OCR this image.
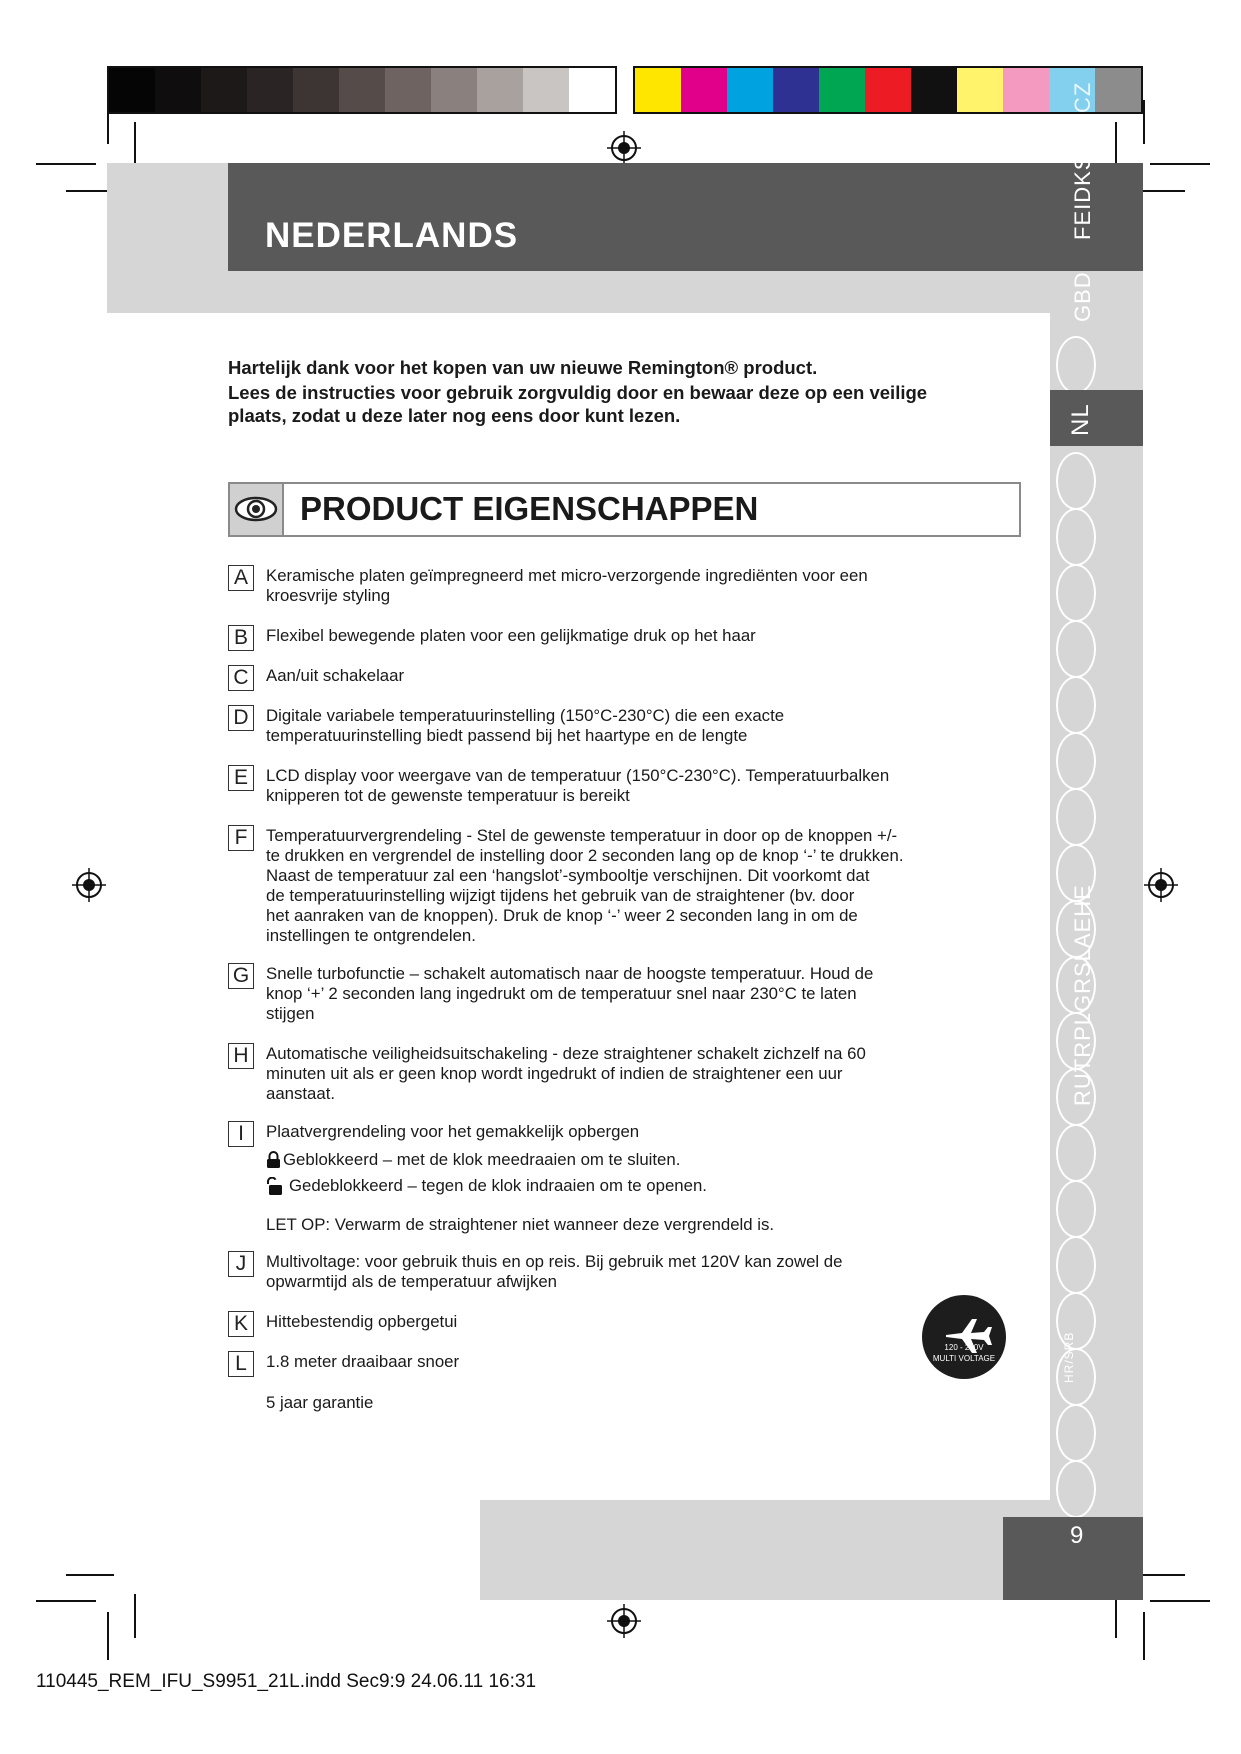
NEDERLANDS	FEIDKS
PSKCZ
GBD
NL
RUTRPLGRSLAEHE
HR/SRB
9
Hartelijk dank voor het kopen van uw nieuwe Remington® product.
Lees de instructies voor gebruik zorgvuldig door en bewaar deze op een veilige
plaats, zodat u deze later nog eens door kunt lezen.
PRODUCT EIGENSCHAPPEN
A	Keramische platen geïmpregneerd met micro-verzorgende ingrediënten voor een
kroesvrije styling
B	Flexibel bewegende platen voor een gelijkmatige druk op het haar
C	Aan/uit schakelaar
D	Digitale variabele temperatuurinstelling (150°C-230°C) die een exacte
temperatuurinstelling biedt passend bij het haartype en de lengte
E	LCD display voor weergave van de temperatuur (150°C-230°C). Temperatuurbalken
knipperen tot de gewenste temperatuur is bereikt
F	Temperatuurvergrendeling - Stel de gewenste temperatuur in door op de knoppen +/-
te drukken en vergrendel de instelling door 2 seconden lang op de knop ‘-’ te drukken.
Naast de temperatuur zal een ‘hangslot’-symbooltje verschijnen. Dit voorkomt dat
de temperatuurinstelling wijzigt tijdens het gebruik van de straightener (bv. door
het aanraken van de knoppen). Druk de knop ‘-’ weer 2 seconden lang in om de
instellingen te ontgrendelen.
G Snelle turbofunctie – schakelt automatisch naar de hoogste temperatuur. Houd de
knop ‘+’ 2 seconden lang ingedrukt om de temperatuur snel naar 230°C te laten
stijgen
H	Automatische veiligheidsuitschakeling - deze straightener schakelt zichzelf na 60
minuten uit als er geen knop wordt ingedrukt of indien de straightener een uur
aanstaat.
I	Plaatvergrendeling voor het gemakkelijk opbergen
J	Multivoltage: voor gebruik thuis en op reis. Bij gebruik met 120V kan zowel de
opwarmtijd als de temperatuur afwijken
K	Hittebestendig opbergetui
L	1.8 meter draaibaar snoer
Geblokkeerd – met de klok meedraaien om te sluiten.
Gedeblokkeerd – tegen de klok indraaien om te openen.
LET OP: Verwarm de straightener niet wanneer deze vergrendeld is.
5 jaar garantie
120 - 240V
MULTI VOLTAGE
110445_REM_IFU_S9951_21L.indd Sec9:9 24.06.11 16:31
